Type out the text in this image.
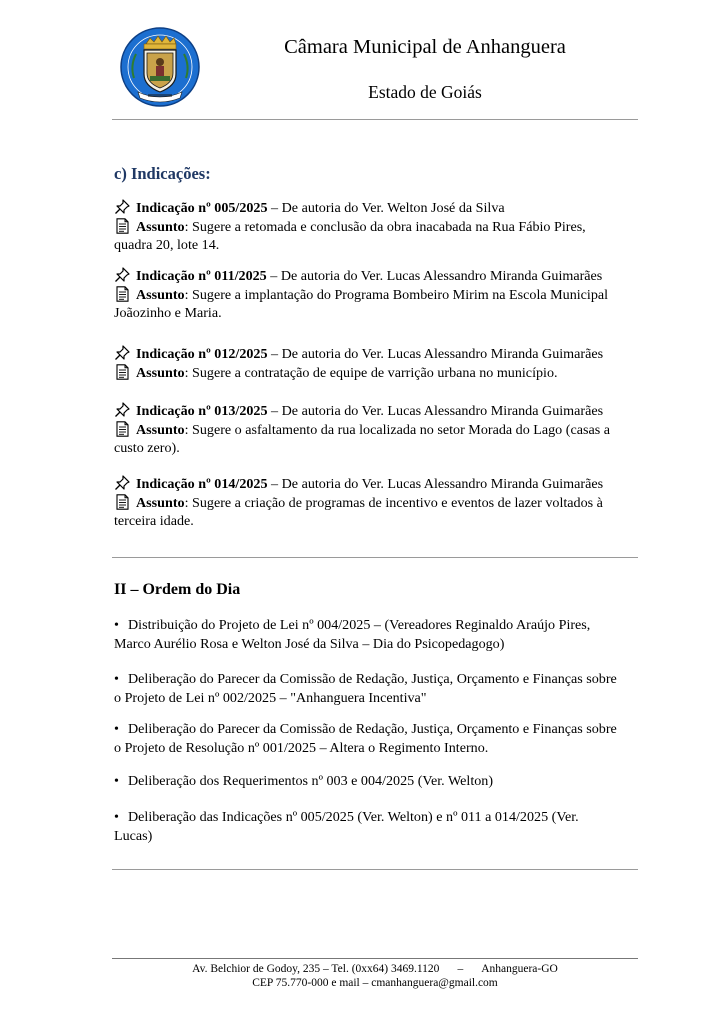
Câmara Municipal de Anhanguera
Estado de Goiás
c) Indicações:
Indicação nº 005/2025 – De autoria do Ver. Welton José da Silva
Assunto: Sugere a retomada e conclusão da obra inacabada na Rua Fábio Pires,
quadra 20, lote 14.
Indicação nº 011/2025 – De autoria do Ver. Lucas Alessandro Miranda Guimarães
Assunto: Sugere a implantação do Programa Bombeiro Mirim na Escola Municipal
Joãozinho e Maria.
Indicação nº 012/2025 – De autoria do Ver. Lucas Alessandro Miranda Guimarães
Assunto: Sugere a contratação de equipe de varrição urbana no município.
Indicação nº 013/2025 – De autoria do Ver. Lucas Alessandro Miranda Guimarães
Assunto: Sugere o asfaltamento da rua localizada no setor Morada do Lago (casas a
custo zero).
Indicação nº 014/2025 – De autoria do Ver. Lucas Alessandro Miranda Guimarães
Assunto: Sugere a criação de programas de incentivo e eventos de lazer voltados à
terceira idade.
II – Ordem do Dia
• Distribuição do Projeto de Lei nº 004/2025 – (Vereadores Reginaldo Araújo Pires,
Marco Aurélio Rosa e Welton José da Silva – Dia do Psicopedagogo)
• Deliberação do Parecer da Comissão de Redação, Justiça, Orçamento e Finanças sobre
o Projeto de Lei nº 002/2025 – "Anhanguera Incentiva"
• Deliberação do Parecer da Comissão de Redação, Justiça, Orçamento e Finanças sobre
o Projeto de Resolução nº 001/2025 – Altera o Regimento Interno.
• Deliberação dos Requerimentos nº 003 e 004/2025 (Ver. Welton)
• Deliberação das Indicações nº 005/2025 (Ver. Welton) e nº 011 a 014/2025 (Ver.
Lucas)
Av. Belchior de Godoy, 235 – Tel. (0xx64) 3469.1120 – Anhanguera-GO
CEP 75.770-000 e mail – cmanhanguera@gmail.com
